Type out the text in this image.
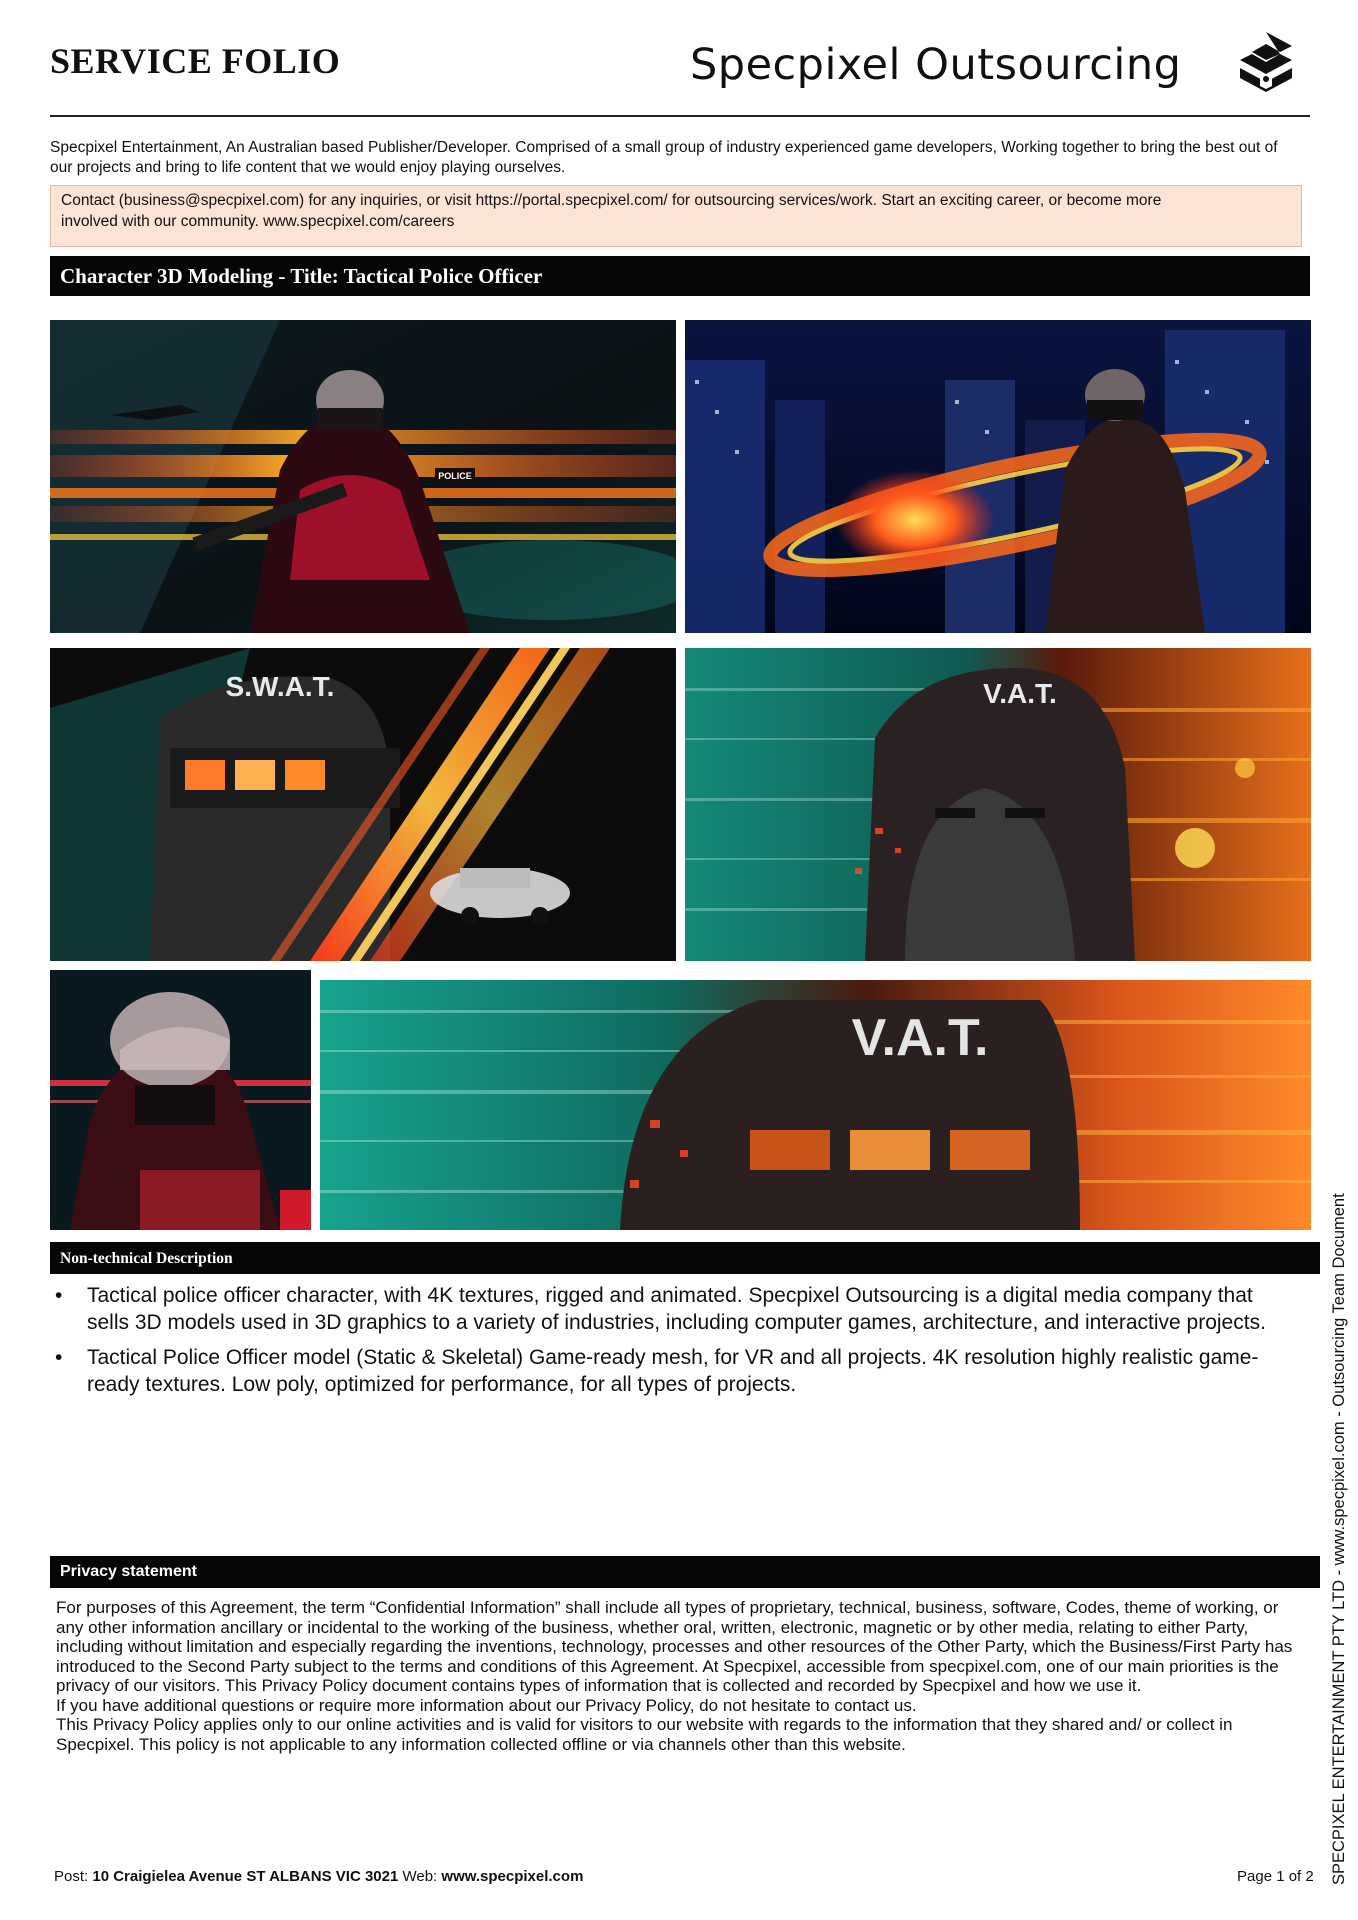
SERVICE FOLIO	Specpixel Outsourcing
Specpixel Entertainment, An Australian based Publisher/Developer. Comprised of a small group of industry experienced game developers, Working together to bring the best out of our projects and bring to life content that we would enjoy playing ourselves.
Contact (business@specpixel.com) for any inquiries, or visit https://portal.specpixel.com/ for outsourcing services/work. Start an exciting career, or become more
involved with our community. www.specpixel.com/careers
Character 3D Modeling - Title: Tactical Police Officer
POLICE
S.W.A.T.	V.A.T.
V.A.T.
Non-technical Description
• Tactical police officer character, with 4K textures, rigged and animated. Specpixel Outsourcing is a digital media company that sells 3D models used in 3D graphics to a variety of industries, including computer games, architecture, and interactive projects.
• Tactical Police Officer model (Static & Skeletal) Game-ready mesh, for VR and all projects. 4K resolution highly realistic game-ready textures. Low poly, optimized for performance, for all types of projects.
Privacy statement

For purposes of this Agreement, the term “Confidential Information” shall include all types of proprietary, technical, business, software, Codes, theme of working, or any other information ancillary or incidental to the working of the business, whether oral, written, electronic, magnetic or by other media, relating to either Party, including without limitation and especially regarding the inventions, technology, processes and other resources of the Other Party, which the Business/First Party has introduced to the Second Party subject to the terms and conditions of this Agreement. At Specpixel, accessible from specpixel.com, one of our main priorities is the privacy of our visitors. This Privacy Policy document contains types of information that is collected and recorded by Specpixel and how we use it.

If you have additional questions or require more information about our Privacy Policy, do not hesitate to contact us.

This Privacy Policy applies only to our online activities and is valid for visitors to our website with regards to the information that they shared and/ or collect in Specpixel. This policy is not applicable to any information collected offline or via channels other than this website.	SPECPIXEL ENTERTAINMENT PTY LTD - www.specpixel.com - Outsourcing Team Document
Post: 10 Craigielea Avenue ST ALBANS VIC 3021 Web: www.specpixel.com	Page 1 of 2
